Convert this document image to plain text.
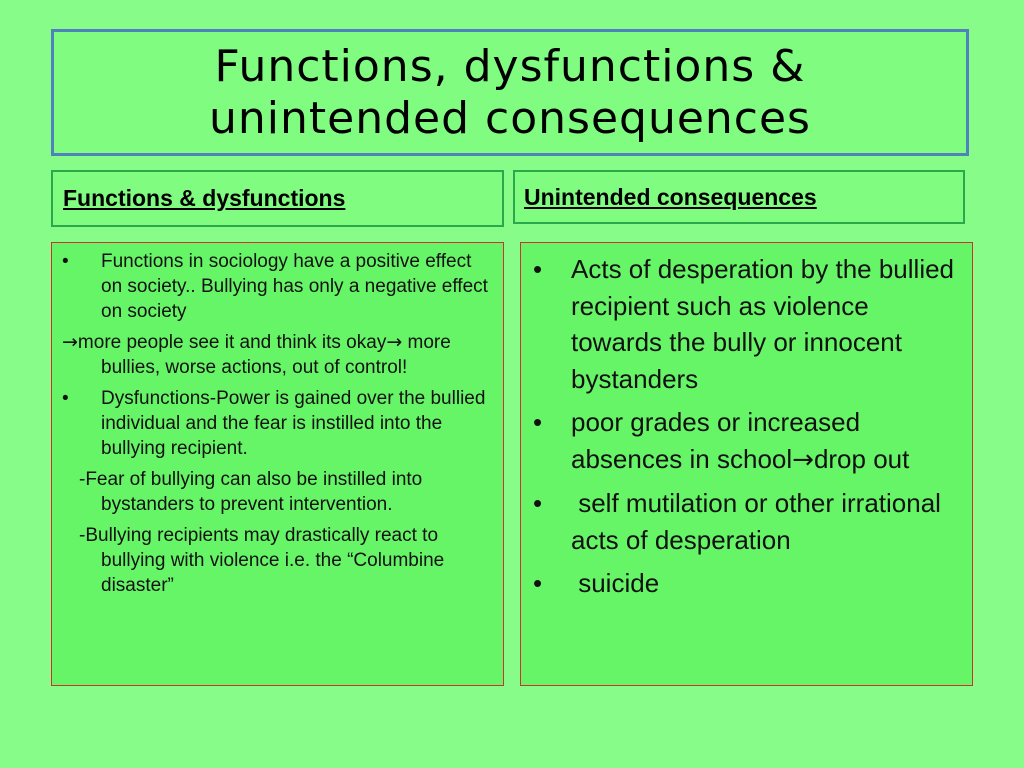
Functions, dysfunctions &
unintended consequences
Functions & dysfunctions	Unintended consequences
• Functions in sociology have a positive effect on society.. Bullying has only a negative effect on society
→more people see it and think its okay→ more bullies, worse actions, out of control!
• Dysfunctions-Power is gained over the bullied individual and the fear is instilled into the bullying recipient.
-Fear of bullying can also be instilled into bystanders to prevent intervention.
-Bullying recipients may drastically react to bullying with violence i.e. the “Columbine disaster”
• Acts of desperation by the bullied recipient such as violence towards the bully or innocent bystanders
• poor grades or increased absences in school→drop out
• self mutilation or other irrational acts of desperation
• suicide
